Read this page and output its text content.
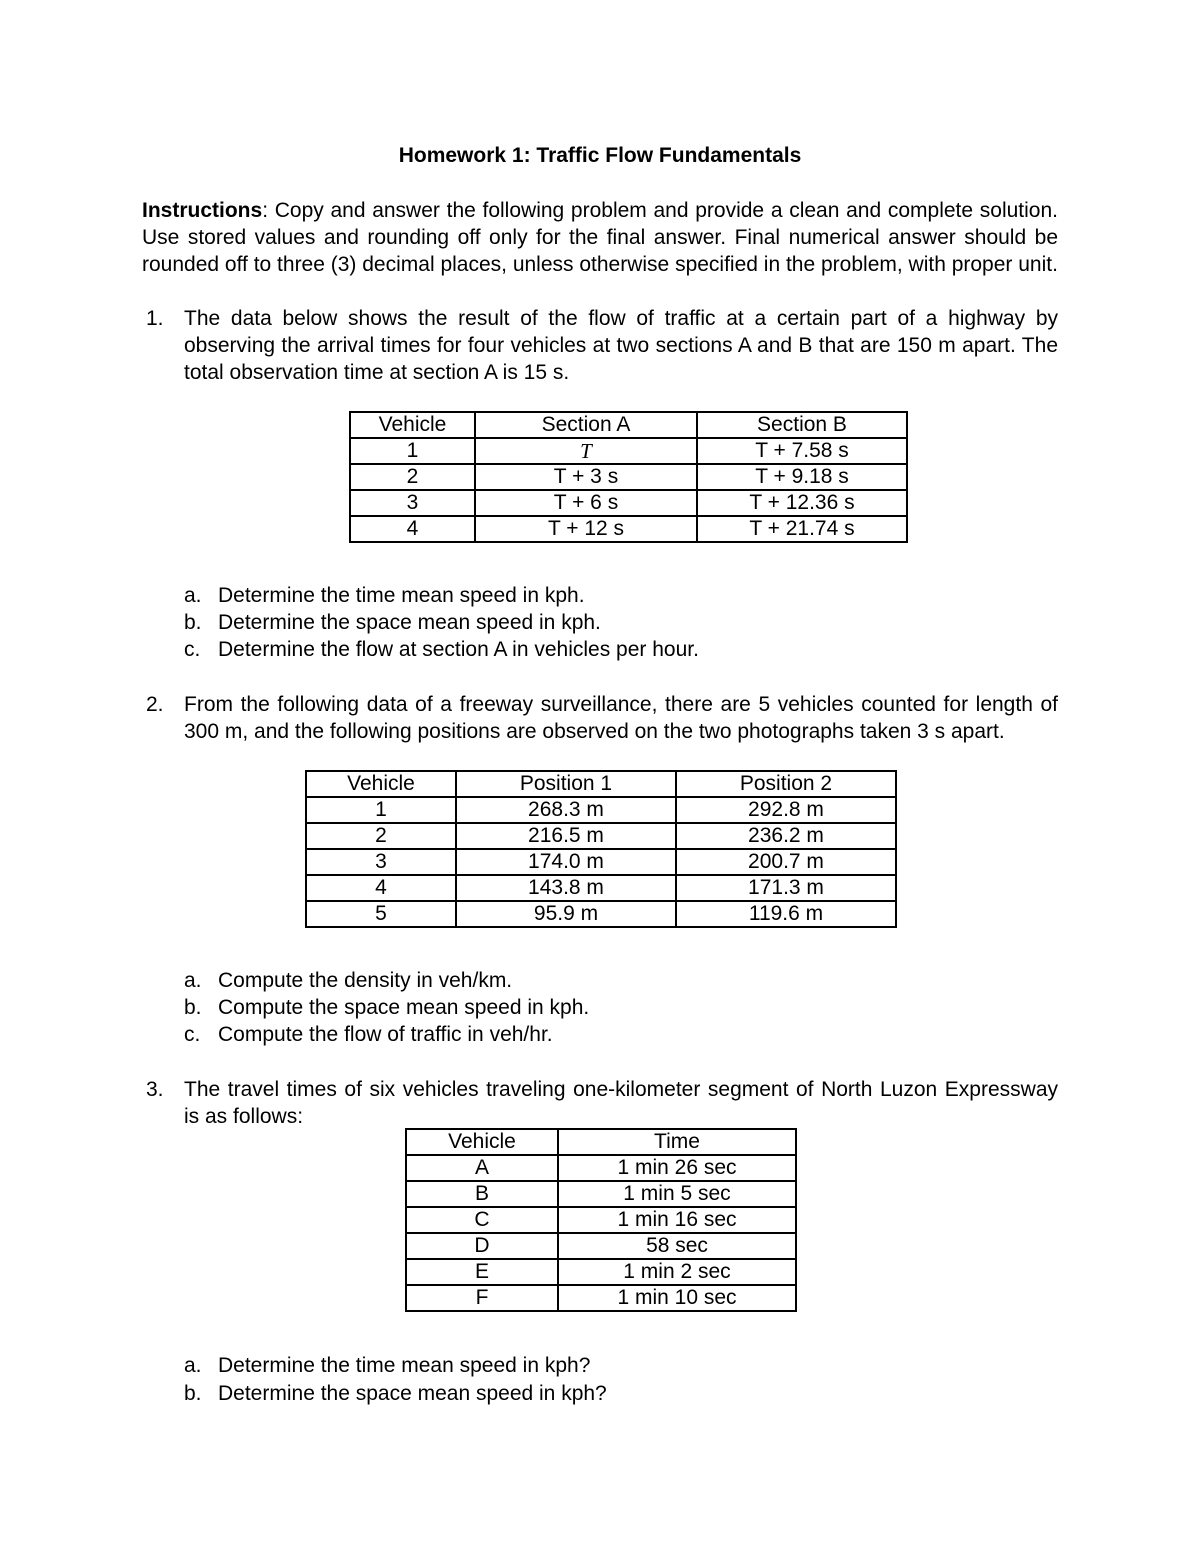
Homework 1: Traffic Flow Fundamentals
Instructions: Copy and answer the following problem and provide a clean and complete solution. Use stored values and rounding off only for the final answer. Final numerical answer should be rounded off to three (3) decimal places, unless otherwise specified in the problem, with proper unit.
1. The data below shows the result of the flow of traffic at a certain part of a highway by observing the arrival times for four vehicles at two sections A and B that are 150 m apart. The total observation time at section A is 15 s.
Vehicle	Section A	Section B
1	T	T + 7.58 s
2	T + 3 s	T + 9.18 s
3	T + 6 s	T + 12.36 s
4	T + 12 s	T + 21.74 s
a. Determine the time mean speed in kph.
b. Determine the space mean speed in kph.
c. Determine the flow at section A in vehicles per hour.
2. From the following data of a freeway surveillance, there are 5 vehicles counted for length of 300 m, and the following positions are observed on the two photographs taken 3 s apart.
Vehicle	Position 1	Position 2
1	268.3 m	292.8 m
2	216.5 m	236.2 m
3	174.0 m	200.7 m
4	143.8 m	171.3 m
5	95.9 m	119.6 m
a. Compute the density in veh/km.
b. Compute the space mean speed in kph.
c. Compute the flow of traffic in veh/hr.
3. The travel times of six vehicles traveling one-kilometer segment of North Luzon Expressway is as follows:
Vehicle	Time
A	1 min 26 sec
B	1 min 5 sec
C	1 min 16 sec
D	58 sec
E	1 min 2 sec
F	1 min 10 sec
a. Determine the time mean speed in kph?
b. Determine the space mean speed in kph?
